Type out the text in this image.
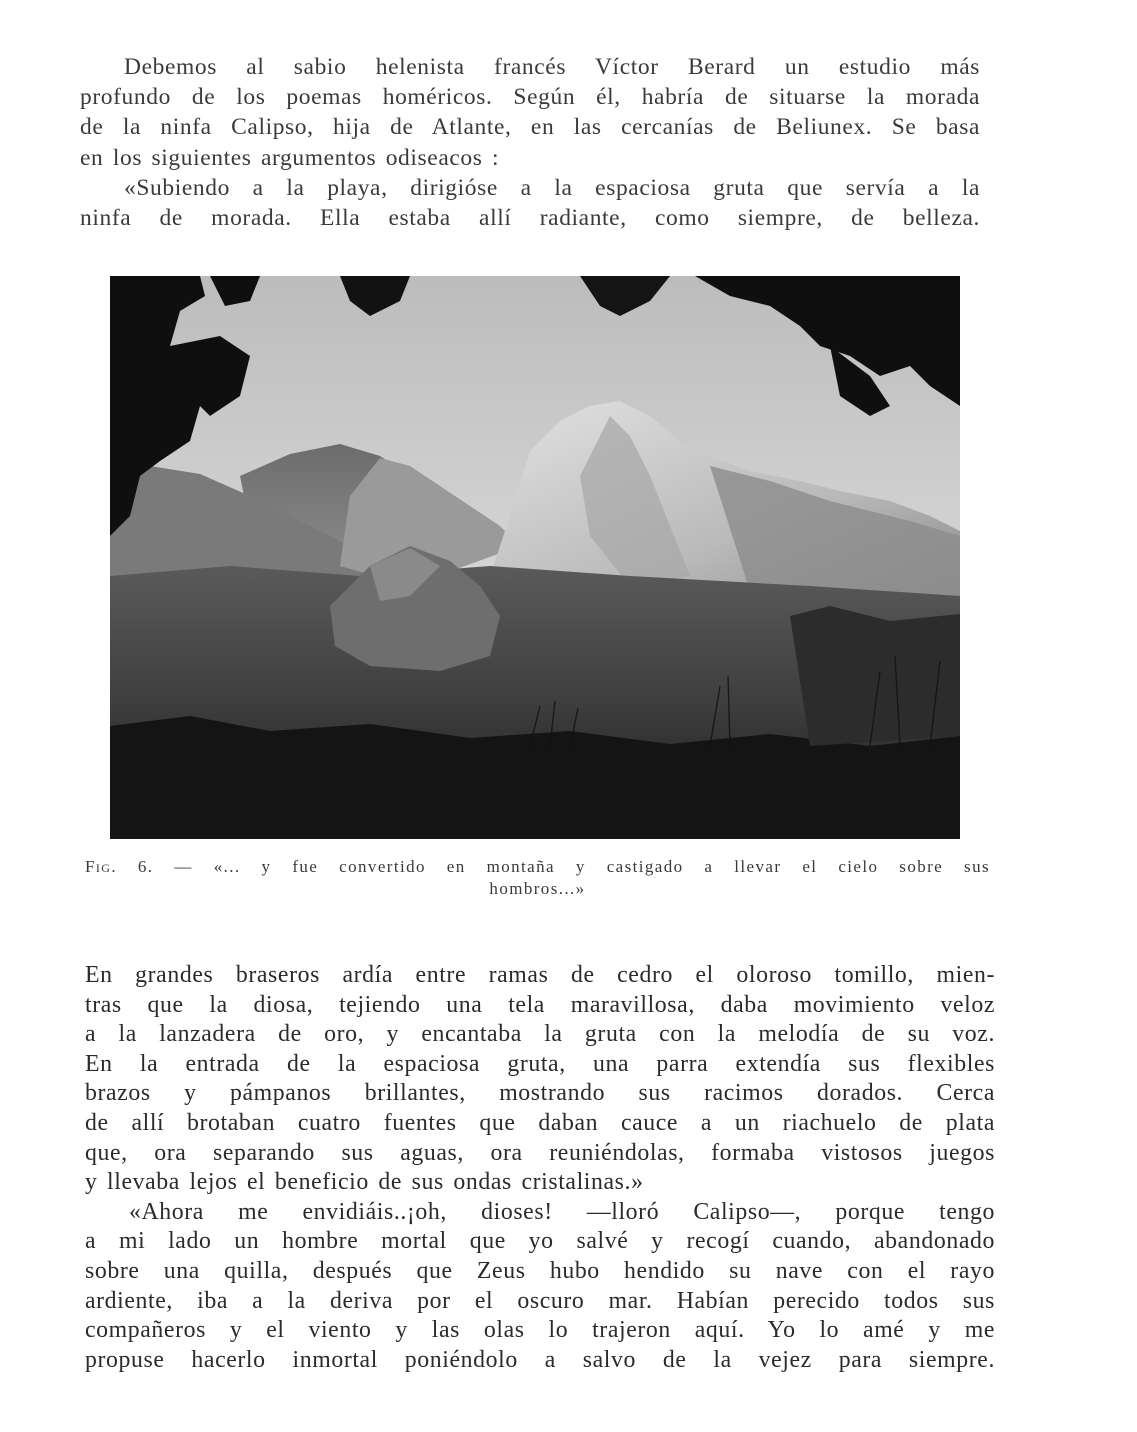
Debemos al sabio helenista francés Víctor Berard un estudio más
profundo de los poemas homéricos. Según él, habría de situarse la morada
de la ninfa Calipso, hija de Atlante, en las cercanías de Beliunex. Se basa
en los siguientes argumentos odiseacos :
«Subiendo a la playa, dirigióse a la espaciosa gruta que servía a la
ninfa de morada. Ella estaba allí radiante, como siempre, de belleza.
Fig. 6. — «... y fue convertido en montaña y castigado a llevar el cielo sobre sus
hombros...»
En grandes braseros ardía entre ramas de cedro el oloroso tomillo, mien-
tras que la diosa, tejiendo una tela maravillosa, daba movimiento veloz
a la lanzadera de oro, y encantaba la gruta con la melodía de su voz.
En la entrada de la espaciosa gruta, una parra extendía sus flexibles
brazos y pámpanos brillantes, mostrando sus racimos dorados. Cerca
de allí brotaban cuatro fuentes que daban cauce a un riachuelo de plata
que, ora separando sus aguas, ora reuniéndolas, formaba vistosos juegos
y llevaba lejos el beneficio de sus ondas cristalinas.»
«Ahora me envidiáis..¡oh, dioses! —lloró Calipso—, porque tengo
a mi lado un hombre mortal que yo salvé y recogí cuando, abandonado
sobre una quilla, después que Zeus hubo hendido su nave con el rayo
ardiente, iba a la deriva por el oscuro mar. Habían perecido todos sus
compañeros y el viento y las olas lo trajeron aquí. Yo lo amé y me
propuse hacerlo inmortal poniéndolo a salvo de la vejez para siempre.
